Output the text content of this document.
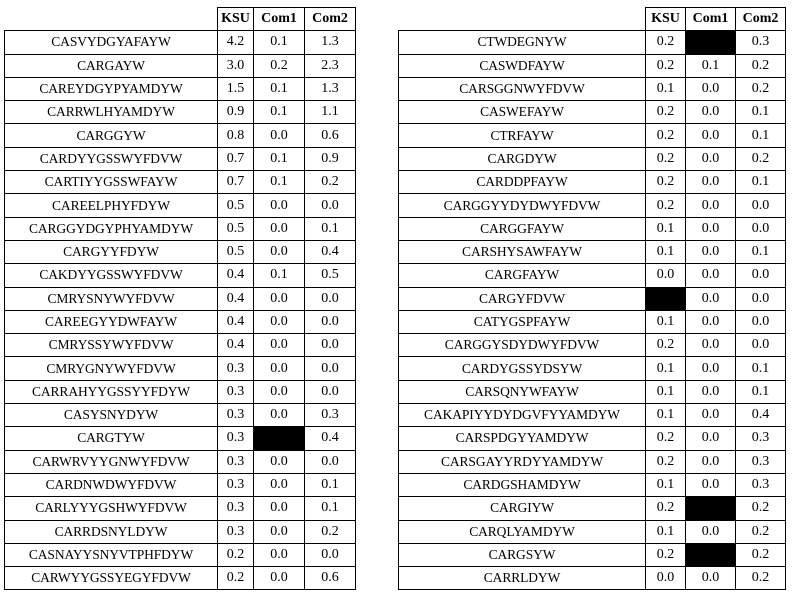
	KSU	Com1	Com2
CASVYDGYAFAYW	4.2	0.1	1.3
CARGAYW	3.0	0.2	2.3
CAREYDGYPYAMDYW	1.5	0.1	1.3
CARRWLHYAMDYW	0.9	0.1	1.1
CARGGYW	0.8	0.0	0.6
CARDYYGSSWYFDVW	0.7	0.1	0.9
CARTIYYGSSWFAYW	0.7	0.1	0.2
CAREELPHYFDYW	0.5	0.0	0.0
CARGGYDGYPHYAMDYW	0.5	0.0	0.1
CARGYYFDYW	0.5	0.0	0.4
CAKDYYGSSWYFDVW	0.4	0.1	0.5
CMRYSNYWYFDVW	0.4	0.0	0.0
CAREEGYYDWFAYW	0.4	0.0	0.0
CMRYSSYWYFDVW	0.4	0.0	0.0
CMRYGNYWYFDVW	0.3	0.0	0.0
CARRAHYYGSSYYFDYW	0.3	0.0	0.0
CASYSNYDYW	0.3	0.0	0.3
CARGTYW	0.3		0.4
CARWRVYYGNWYFDVW	0.3	0.0	0.0
CARDNWDWYFDVW	0.3	0.0	0.1
CARLYYYGSHWYFDVW	0.3	0.0	0.1
CARRDSNYLDYW	0.3	0.0	0.2
CASNAYYSNYVTPHFDYW	0.2	0.0	0.0
CARWYYGSSYEGYFDVW	0.2	0.0	0.6
	KSU	Com1	Com2
CTWDEGNYW	0.2		0.3
CASWDFAYW	0.2	0.1	0.2
CARSGGNWYFDVW	0.1	0.0	0.2
CASWEFAYW	0.2	0.0	0.1
CTRFAYW	0.2	0.0	0.1
CARGDYW	0.2	0.0	0.2
CARDDPFAYW	0.2	0.0	0.1
CARGGYYDYDWYFDVW	0.2	0.0	0.0
CARGGFAYW	0.1	0.0	0.0
CARSHYSAWFAYW	0.1	0.0	0.1
CARGFAYW	0.0	0.0	0.0
CARGYFDVW		0.0	0.0
CATYGSPFAYW	0.1	0.0	0.0
CARGGYSDYDWYFDVW	0.2	0.0	0.0
CARDYGSSYDSYW	0.1	0.0	0.1
CARSQNYWFAYW	0.1	0.0	0.1
CAKAPIYYDYDGVFYYAMDYW	0.1	0.0	0.4
CARSPDGYYAMDYW	0.2	0.0	0.3
CARSGAYYRDYYAMDYW	0.2	0.0	0.3
CARDGSHAMDYW	0.1	0.0	0.3
CARGIYW	0.2		0.2
CARQLYAMDYW	0.1	0.0	0.2
CARGSYW	0.2		0.2
CARRLDYW	0.0	0.0	0.2
